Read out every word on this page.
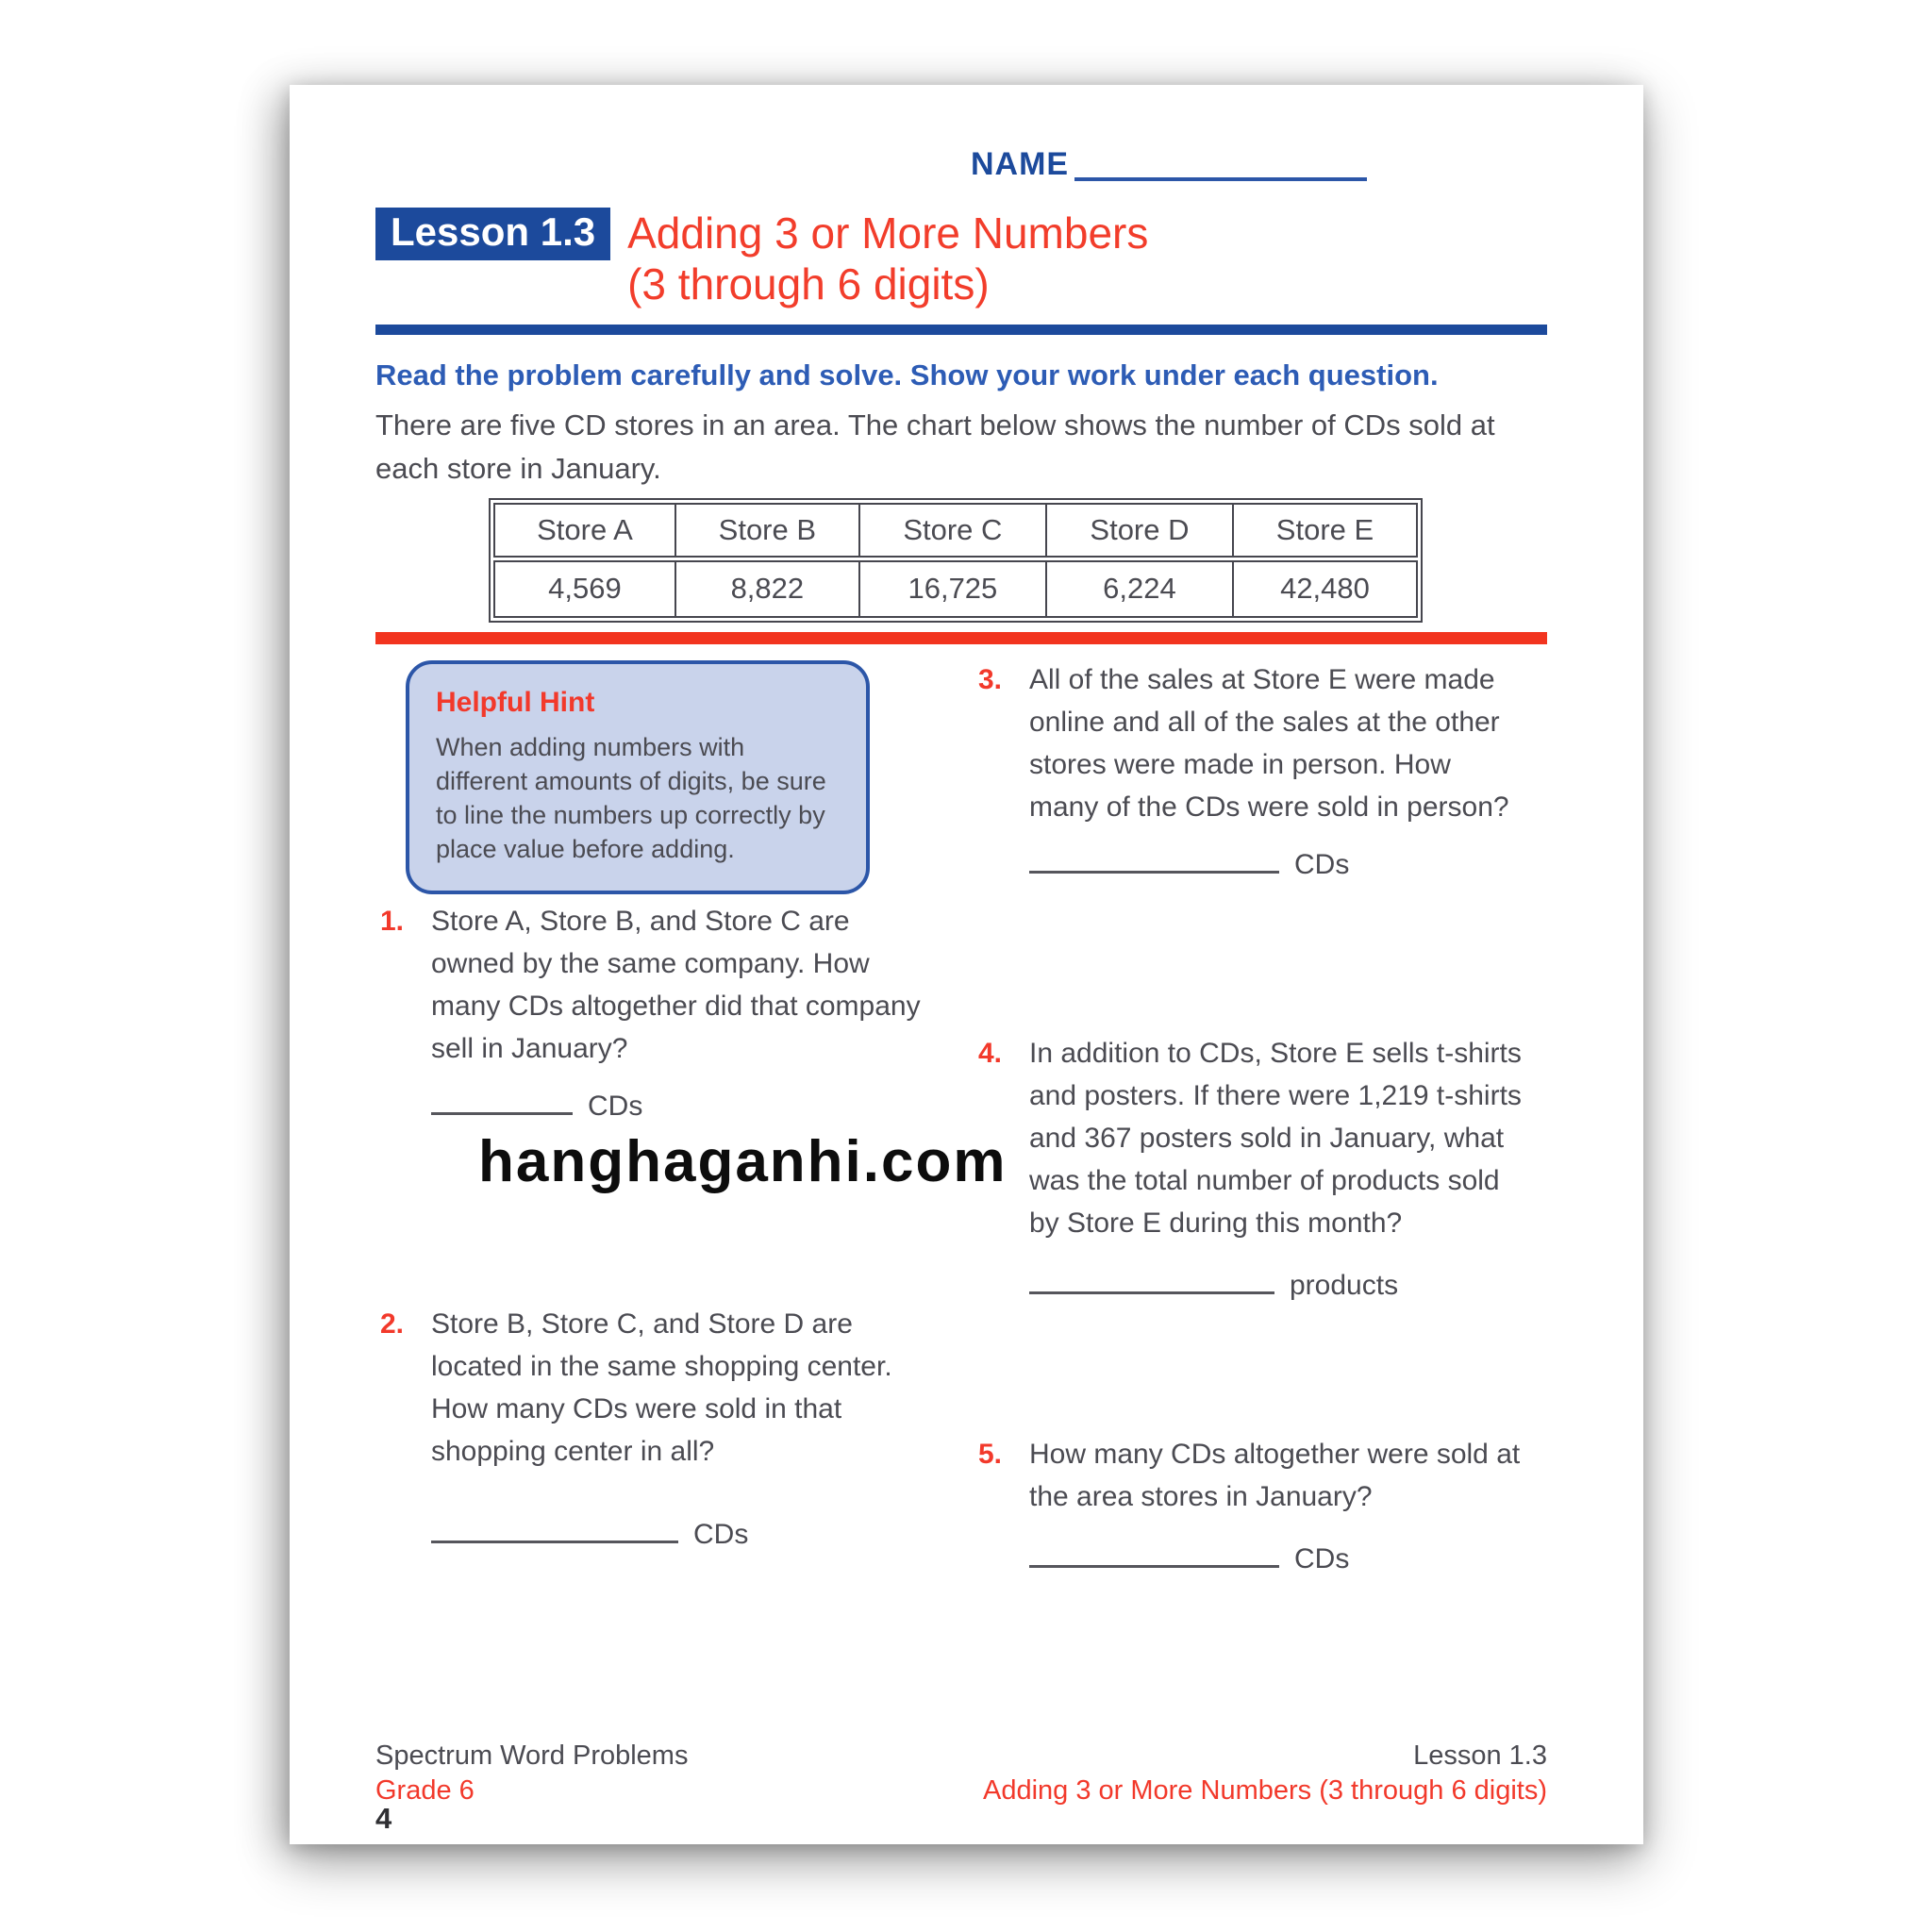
NAME
Lesson 1.3 Adding 3 or More Numbers
(3 through 6 digits)
Read the problem carefully and solve. Show your work under each question.
There are five CD stores in an area. The chart below shows the number of CDs sold at each store in January.
Store A	Store B	Store C	Store D	Store E
4,569	8,822	16,725	6,224	42,480
Helpful Hint
When adding numbers with different amounts of digits, be sure to line the numbers up correctly by place value before adding.
3. All of the sales at Store E were made online and all of the sales at the other stores were made in person. How many of the CDs were sold in person?
CDs
1. Store A, Store B, and Store C are owned by the same company. How many CDs altogether did that company sell in January?
CDs
hanghaganhi.com
4. In addition to CDs, Store E sells t-shirts and posters. If there were 1,219 t-shirts and 367 posters sold in January, what was the total number of products sold by Store E during this month?
products
2. Store B, Store C, and Store D are located in the same shopping center. How many CDs were sold in that shopping center in all?
CDs
5. How many CDs altogether were sold at the area stores in January?
CDs
Spectrum Word Problems
Grade 6
Lesson 1.3
Adding 3 or More Numbers (3 through 6 digits)
4
